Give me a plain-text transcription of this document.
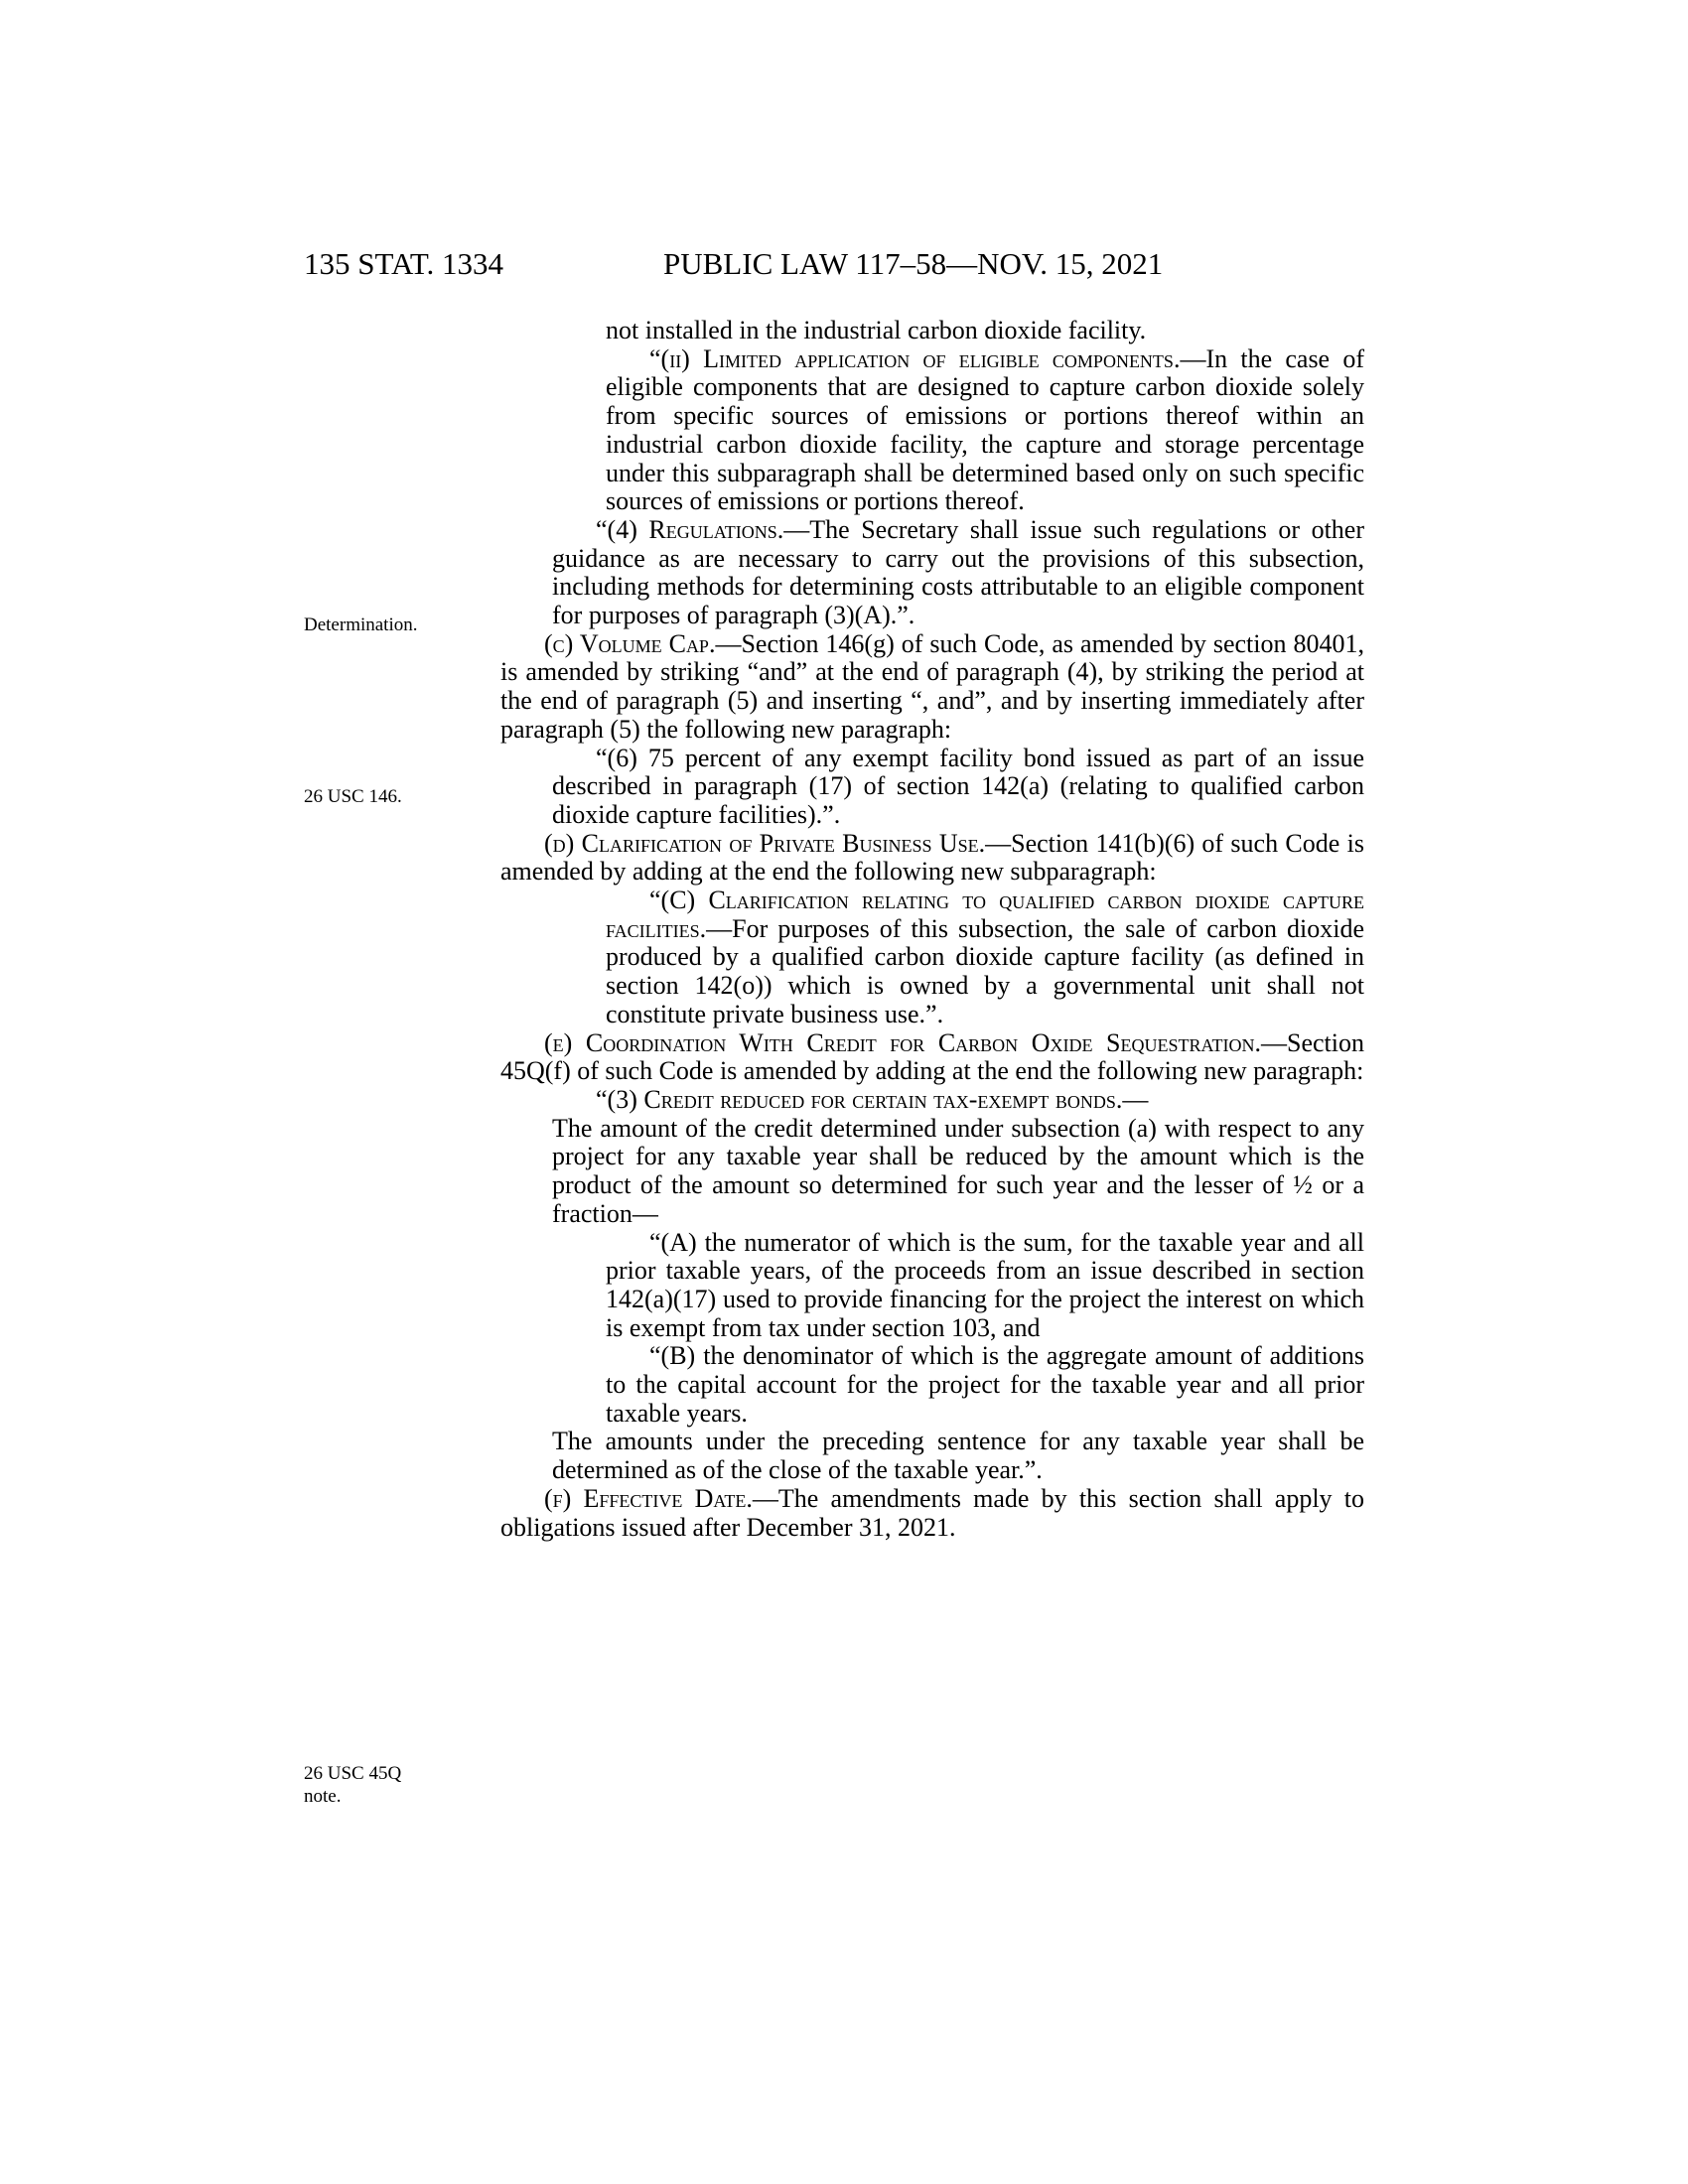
135 STAT. 1334	PUBLIC LAW 117–58—NOV. 15, 2021
Determination.
26 USC 146.
26 USC 45Q
note.

not installed in the industrial carbon dioxide facility.

“(ii) Limited application of eligible components.—In the case of eligible components that are designed to capture carbon dioxide solely from specific sources of emissions or portions thereof within an industrial carbon dioxide facility, the capture and storage percentage under this subparagraph shall be determined based only on such specific sources of emissions or portions thereof.

“(4) Regulations.—The Secretary shall issue such regulations or other guidance as are necessary to carry out the provisions of this subsection, including methods for determining costs attributable to an eligible component for purposes of paragraph (3)(A).”.

(c) Volume Cap.—Section 146(g) of such Code, as amended by section 80401, is amended by striking “and” at the end of paragraph (4), by striking the period at the end of paragraph (5) and inserting “, and”, and by inserting immediately after paragraph (5) the following new paragraph:

“(6) 75 percent of any exempt facility bond issued as part of an issue described in paragraph (17) of section 142(a) (relating to qualified carbon dioxide capture facilities).”.

(d) Clarification of Private Business Use.—Section 141(b)(6) of such Code is amended by adding at the end the following new subparagraph:

“(C) Clarification relating to qualified carbon dioxide capture facilities.—For purposes of this subsection, the sale of carbon dioxide produced by a qualified carbon dioxide capture facility (as defined in section 142(o)) which is owned by a governmental unit shall not constitute private business use.”.

(e) Coordination With Credit for Carbon Oxide Sequestration.—Section 45Q(f) of such Code is amended by adding at the end the following new paragraph:

“(3) Credit reduced for certain tax-exempt bonds.—

The amount of the credit determined under subsection (a) with respect to any project for any taxable year shall be reduced by the amount which is the product of the amount so determined for such year and the lesser of ½ or a fraction—

“(A) the numerator of which is the sum, for the taxable year and all prior taxable years, of the proceeds from an issue described in section 142(a)(17) used to provide financing for the project the interest on which is exempt from tax under section 103, and

“(B) the denominator of which is the aggregate amount of additions to the capital account for the project for the taxable year and all prior taxable years.

The amounts under the preceding sentence for any taxable year shall be determined as of the close of the taxable year.”.

(f) Effective Date.—The amendments made by this section shall apply to obligations issued after December 31, 2021.
